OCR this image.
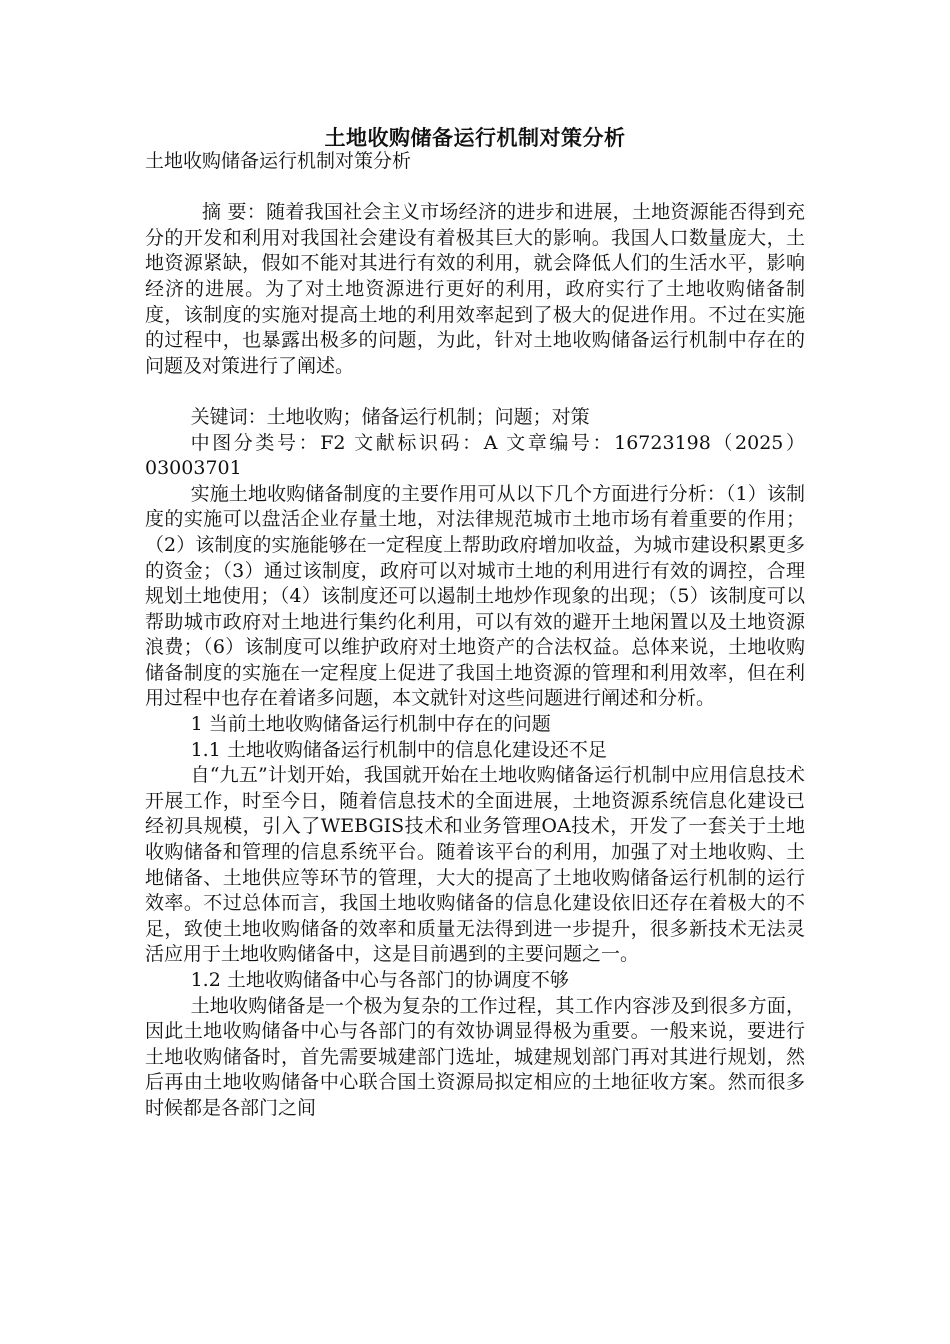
土地收购储备运行机制对策分析

土地收购储备运行机制对策分析

摘 要：随着我国社会主义市场经济的进步和进展，土地资源能否得到充分的开发和利用对我国社会建设有着极其巨大的影响。我国人口数量庞大，土地资源紧缺，假如不能对其进行有效的利用，就会降低人们的生活水平，影响经济的进展。为了对土地资源进行更好的利用，政府实行了土地收购储备制度，该制度的实施对提高土地的利用效率起到了极大的促进作用。不过在实施的过程中，也暴露出极多的问题，为此，针对土地收购储备运行机制中存在的问题及对策进行了阐述。

关键词：土地收购；储备运行机制；问题；对策

中图分类号：F2 文献标识码：A 文章编号：16723198（2025）03003701

实施土地收购储备制度的主要作用可从以下几个方面进行分析：（1）该制度的实施可以盘活企业存量土地，对法律规范城市土地市场有着重要的作用；（2）该制度的实施能够在一定程度上帮助政府增加收益，为城市建设积累更多的资金；（3）通过该制度，政府可以对城市土地的利用进行有效的调控，合理规划土地使用；（4）该制度还可以遏制土地炒作现象的出现；（5）该制度可以帮助城市政府对土地进行集约化利用，可以有效的避开土地闲置以及土地资源浪费；（6）该制度可以维护政府对土地资产的合法权益。总体来说，土地收购储备制度的实施在一定程度上促进了我国土地资源的管理和利用效率，但在利用过程中也存在着诸多问题，本文就针对这些问题进行阐述和分析。

1 当前土地收购储备运行机制中存在的问题

1.1 土地收购储备运行机制中的信息化建设还不足

自“九五”计划开始，我国就开始在土地收购储备运行机制中应用信息技术开展工作，时至今日，随着信息技术的全面进展，土地资源系统信息化建设已经初具规模，引入了WEBGIS技术和业务管理OA技术，开发了一套关于土地收购储备和管理的信息系统平台。随着该平台的利用，加强了对土地收购、土地储备、土地供应等环节的管理，大大的提高了土地收购储备运行机制的运行效率。不过总体而言，我国土地收购储备的信息化建设依旧还存在着极大的不足，致使土地收购储备的效率和质量无法得到进一步提升，很多新技术无法灵活应用于土地收购储备中，这是目前遇到的主要问题之一。

1.2 土地收购储备中心与各部门的协调度不够

土地收购储备是一个极为复杂的工作过程，其工作内容涉及到很多方面，因此土地收购储备中心与各部门的有效协调显得极为重要。一般来说，要进行土地收购储备时，首先需要城建部门选址，城建规划部门再对其进行规划，然后再由土地收购储备中心联合国土资源局拟定相应的土地征收方案。然而很多时候都是各部门之间
